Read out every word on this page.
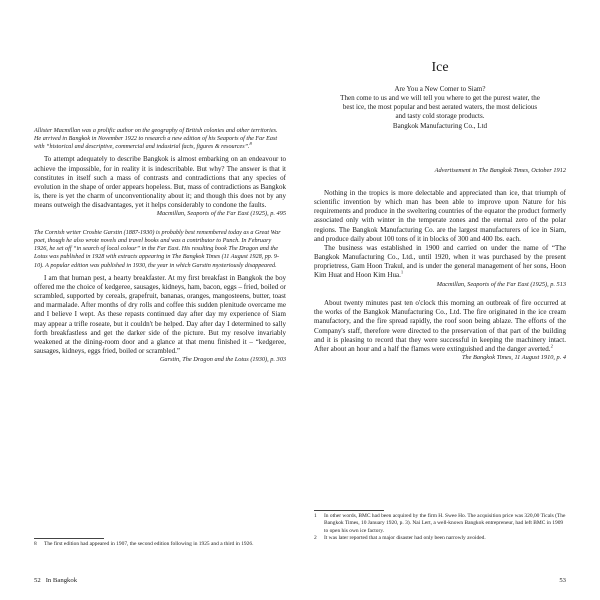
Allister Macmillan was a prolific author on the geography of British colonies and other territories. He arrived in Bangkok in November 1922 to research a new edition of his Seaports of the Far East with “historical and descriptive, commercial and industrial facts, figures & resources”.$^8$

To attempt adequately to describe Bangkok is almost embarking on an endeavour to achieve the impossible, for in reality it is indescribable. But why? The answer is that it constitutes in itself such a mass of contrasts and contradictions that any species of evolution in the shape of order appears hopeless. But, mass of contradictions as Bangkok is, there is yet the charm of unconventionality about it; and though this does not by any means outweigh the disadvantages, yet it helps considerably to condone the faults.

Macmillan, Seaports of the Far East (1925), p. 495

The Cornish writer Crosbie Garstin (1887-1930) is probably best remembered today as a Great War poet, though he also wrote novels and travel books and was a contributor to Punch. In February 1926, he set off “in search of local colour” in the Far East. His resulting book The Dragon and the Lotus was published in 1928 with extracts appearing in The Bangkok Times (11 August 1928, pp. 9-10). A popular edition was published in 1930, the year in which Garstin mysteriously disappeared.

I am that human pest, a hearty breakfaster. At my first breakfast in Bangkok the boy offered me the choice of kedgeree, sausages, kidneys, ham, bacon, eggs – fried, boiled or scrambled, supported by cereals, grapefruit, bananas, oranges, mangosteens, butter, toast and marmalade. After months of dry rolls and coffee this sudden plenitude overcame me and I believe I wept. As these repasts continued day after day my experience of Siam may appear a trifle roseate, but it couldn't be helped. Day after day I determined to sally forth breakfastless and get the darker side of the picture. But my resolve invariably weakened at the dining-room door and a glance at that menu finished it – “kedgeree, sausages, kidneys, eggs fried, boiled or scrambled.”

Garstin, The Dragon and the Lotus (1930), p. 303

8	The first edition had appeared in 1907, the second edition following in 1925 and a third in 1926.
52 In Bangkok
Ice
Are You a New Comer to Siam?
Then come to us and we will tell you where to get the purest water, the
best ice, the most popular and best aerated waters, the most delicious
and tasty cold storage products.
Bangkok Manufacturing Co., Ltd
Advertisement in The Bangkok Times, October 1912

Nothing in the tropics is more delectable and appreciated than ice, that triumph of scientific invention by which man has been able to improve upon Nature for his requirements and produce in the sweltering countries of the equator the product formerly associated only with winter in the temperate zones and the eternal zero of the polar regions. The Bangkok Manufacturing Co. are the largest manufacturers of ice in Siam, and produce daily about 100 tons of it in blocks of 300 and 400 lbs. each.

The business was established in 1900 and carried on under the name of “The Bangkok Manufacturing Co., Ltd., until 1920, when it was purchased by the present proprietress, Gam Hoon Trakul, and is under the general management of her sons, Hoon Kim Huat and Hoon Kim Hua.$^1$

Macmillan, Seaports of the Far East (1925), p. 513

About twenty minutes past ten o'clock this morning an outbreak of fire occurred at the works of the Bangkok Manufacturing Co., Ltd. The fire originated in the ice cream manufactory, and the fire spread rapidly, the roof soon being ablaze. The efforts of the Company's staff, therefore were directed to the preservation of that part of the building and it is pleasing to record that they were successful in keeping the machinery intact. After about an hour and a half the flames were extinguished and the danger averted.$^2$

The Bangkok Times, 11 August 1910, p. 4

1	In other words, BMC had been acquired by the firm H. Swee Ho. The acquisition price was 320,00 Ticals (The Bangkok Times, 10 January 1920, p. 3). Nai Lert, a well-known Bangkok entrepreneur, had left BMC in 1909 to open his own ice factory.
2	It was later reported that a major disaster had only been narrowly avoided.
53
